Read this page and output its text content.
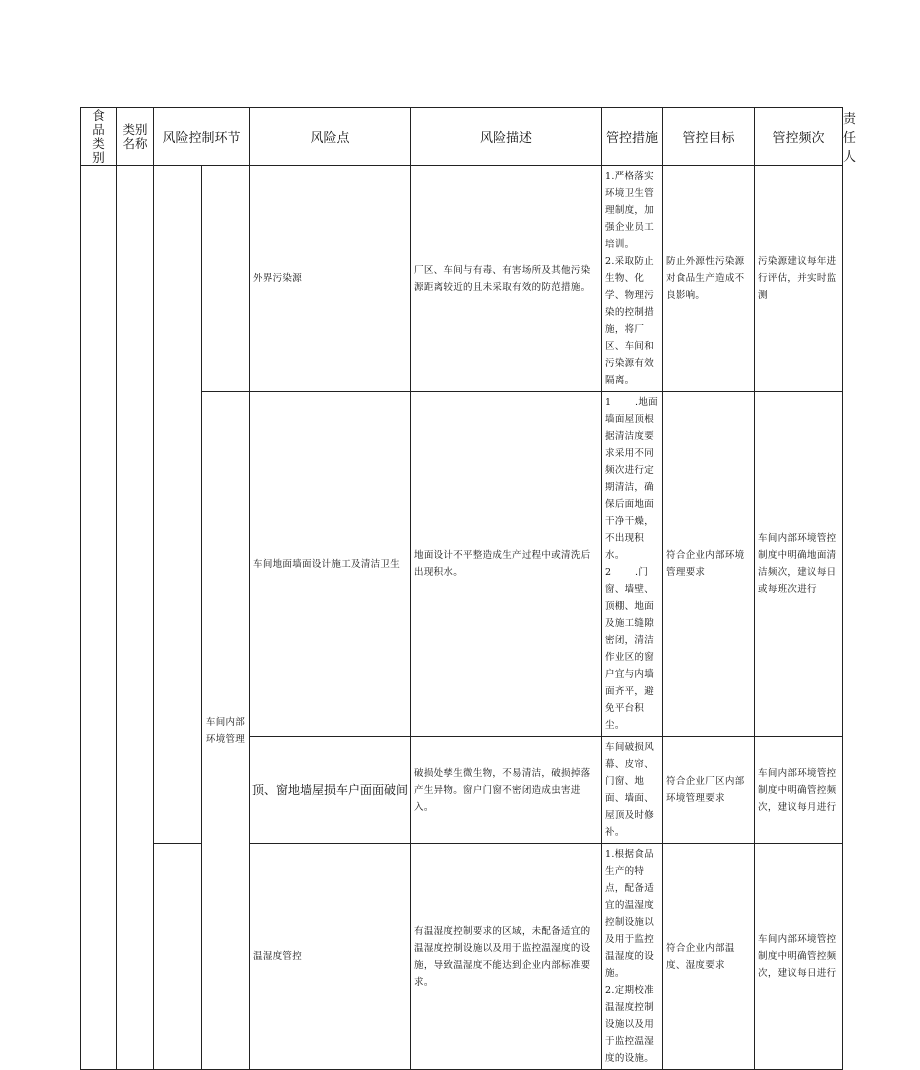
食品类别	类别名称	风险控制环节		风险点	风险描述	管控措施	管控目标	管控频次	责任人
				外界污染源	厂区、车间与有毒、有害场所及其他污染源距离较近的且未采取有效的防范措施。	1.严格落实环境卫生管理制度，加强企业员工培训。
2.采取防止生物、化学、物理污染的控制措施，将厂区、车间和污染源有效隔离。	防止外源性污染源对食品生产造成不良影响。	污染源建议每年进行评估，并实时监测	
			车间内部环境管理	车间地面墙面设计施工及清洁卫生	地面设计不平整造成生产过程中或清洗后出现积水。	1 .地面墙面屋顶根据清洁度要求采用不同频次进行定期清洁，确保后面地面干净干燥，不出现积水。
2 .门窗、墙壁、顶棚、地面及施工缝隙密闭，清洁作业区的窗户宜与内墙面齐平，避免平台积尘。	符合企业内部环境管理要求	车间内部环境管控制度中明确地面清洁频次，建议每日或每班次进行	
				顶、窗地墙屋损车户面面破间	破损处孳生微生物，不易清洁，破损掉落产生异物。窗户门窗不密闭造成虫害进入。	车间破损风幕、皮帘、门窗、地面、墙面、屋顶及时修补。	符合企业厂区内部环境管理要求	车间内部环境管控制度中明确管控频次，建议每月进行	
				温湿度管控	有温湿度控制要求的区域，未配备适宜的温湿度控制设施以及用于监控温湿度的设施，导致温湿度不能达到企业内部标准要求。	1.根据食品生产的特点，配备适宜的温湿度控制设施以及用于监控温湿度的设施。
2.定期校准温湿度控制设施以及用于监控温湿度的设施。	符合企业内部温度、湿度要求	车间内部环境管控制度中明确管控频次，建议每日进行	
